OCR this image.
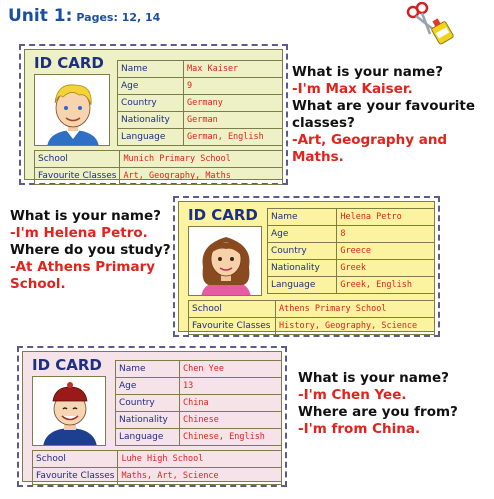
Unit 1: Pages: 12, 14
ID CARD Name	Max Kaiser
Age	9
Country	Germany
Nationality	German
Language	German, English
School	Munich Primary School
Favourite Classes	Art, Geography, Maths
What is your name?
-I'm Max Kaiser.
What are your favourite
classes?
-Art, Geography and Maths.
ID CARD Name	Helena Petro
Age	8
Country	Greece
Nationality	Greek
Language	Greek, English
School	Athens Primary School
Favourite Classes	History, Geography, Science
What is your name?
-I'm Helena Petro.
Where do you study?
-At Athens Primary
School.
ID CARD Name	Chen Yee
Age	13
Country	China
Nationality	Chinese
Language	Chinese, English
School	Luhe High School
Favourite Classes	Maths, Art, Science
What is your name?
-I'm Chen Yee.
Where are you from?
-I'm from China.
